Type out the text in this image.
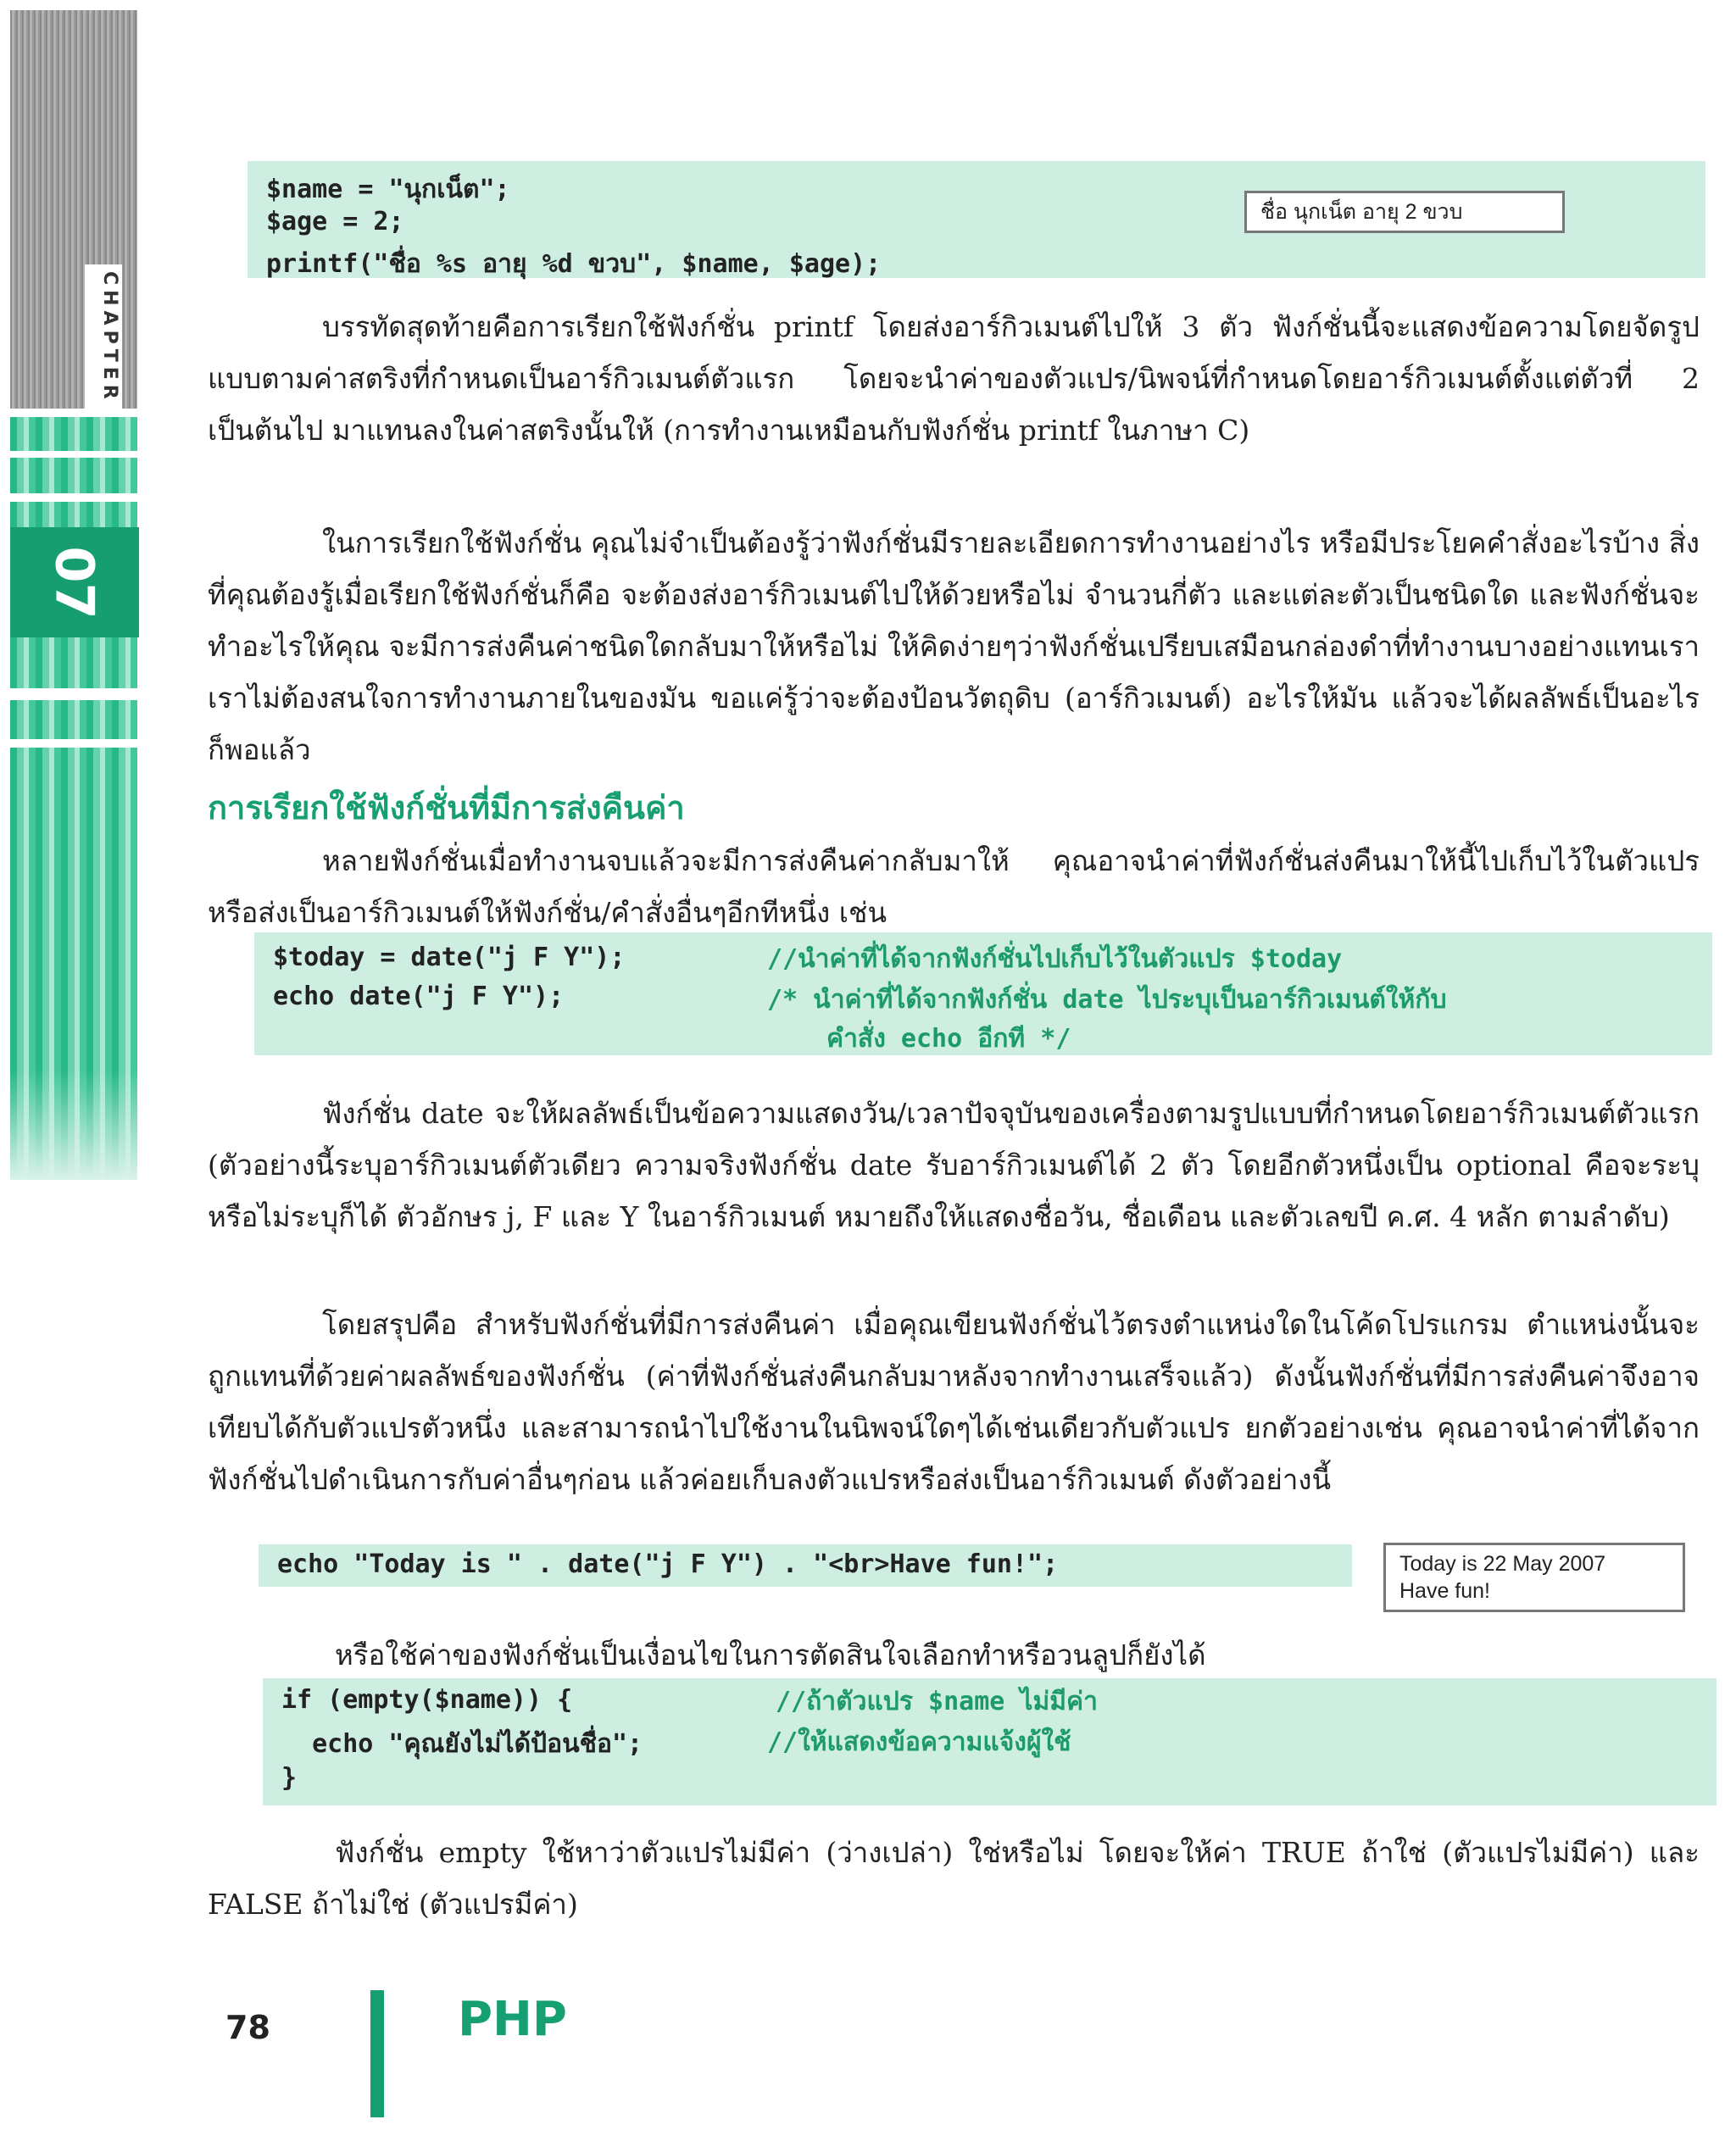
CHAPTER
07
$name = "นุกเน็ต";
$age = 2;
printf("ชื่อ %s อายุ %d ขวบ", $name, $age);
ชื่อ นุกเน็ต อายุ 2 ขวบ

บรรทัดสุดท้ายคือการเรียกใช้ฟังก์ชั่น printf โดยส่งอาร์กิวเมนต์ไปให้ 3 ตัว ฟังก์ชั่นนี้จะแสดงข้อความโดยจัดรูปแบบตามค่าสตริงที่กำหนดเป็นอาร์กิวเมนต์ตัวแรก โดยจะนำค่าของตัวแปร/นิพจน์ที่กำหนดโดยอาร์กิวเมนต์ตั้งแต่ตัวที่ 2 เป็นต้นไป มาแทนลงในค่าสตริงนั้นให้ (การทำงานเหมือนกับฟังก์ชั่น printf ในภาษา C)

ในการเรียกใช้ฟังก์ชั่น คุณไม่จำเป็นต้องรู้ว่าฟังก์ชั่นมีรายละเอียดการทำงานอย่างไร หรือมีประโยคคำสั่งอะไรบ้าง สิ่งที่คุณต้องรู้เมื่อเรียกใช้ฟังก์ชั่นก็คือ จะต้องส่งอาร์กิวเมนต์ไปให้ด้วยหรือไม่ จำนวนกี่ตัว และแต่ละตัวเป็นชนิดใด และฟังก์ชั่นจะทำอะไรให้คุณ จะมีการส่งคืนค่าชนิดใดกลับมาให้หรือไม่ ให้คิดง่ายๆว่าฟังก์ชั่นเปรียบเสมือนกล่องดำที่ทำงานบางอย่างแทนเรา เราไม่ต้องสนใจการทำงานภายในของมัน ขอแค่รู้ว่าจะต้องป้อนวัตถุดิบ (อาร์กิวเมนต์) อะไรให้มัน แล้วจะได้ผลลัพธ์เป็นอะไร ก็พอแล้ว

การเรียกใช้ฟังก์ชั่นที่มีการส่งคืนค่า

หลายฟังก์ชั่นเมื่อทำงานจบแล้วจะมีการส่งคืนค่ากลับมาให้ คุณอาจนำค่าที่ฟังก์ชั่นส่งคืนมาให้นี้ไปเก็บไว้ในตัวแปร หรือส่งเป็นอาร์กิวเมนต์ให้ฟังก์ชั่น/คำสั่งอื่นๆอีกทีหนึ่ง เช่น

$today = date("j F Y");	//นำค่าที่ได้จากฟังก์ชั่นไปเก็บไว้ในตัวแปร $today
echo date("j F Y");	/* นำค่าที่ได้จากฟังก์ชั่น date ไประบุเป็นอาร์กิวเมนต์ให้กับ
คำสั่ง echo อีกที */

ฟังก์ชั่น date จะให้ผลลัพธ์เป็นข้อความแสดงวัน/เวลาปัจจุบันของเครื่องตามรูปแบบที่กำหนดโดยอาร์กิวเมนต์ตัวแรก (ตัวอย่างนี้ระบุอาร์กิวเมนต์ตัวเดียว ความจริงฟังก์ชั่น date รับอาร์กิวเมนต์ได้ 2 ตัว โดยอีกตัวหนึ่งเป็น optional คือจะระบุหรือไม่ระบุก็ได้ ตัวอักษร j, F และ Y ในอาร์กิวเมนต์ หมายถึงให้แสดงชื่อวัน, ชื่อเดือน และตัวเลขปี ค.ศ. 4 หลัก ตามลำดับ)

โดยสรุปคือ สำหรับฟังก์ชั่นที่มีการส่งคืนค่า เมื่อคุณเขียนฟังก์ชั่นไว้ตรงตำแหน่งใดในโค้ดโปรแกรม ตำแหน่งนั้นจะถูกแทนที่ด้วยค่าผลลัพธ์ของฟังก์ชั่น (ค่าที่ฟังก์ชั่นส่งคืนกลับมาหลังจากทำงานเสร็จแล้ว) ดังนั้นฟังก์ชั่นที่มีการส่งคืนค่าจึงอาจเทียบได้กับตัวแปรตัวหนึ่ง และสามารถนำไปใช้งานในนิพจน์ใดๆได้เช่นเดียวกับตัวแปร ยกตัวอย่างเช่น คุณอาจนำค่าที่ได้จากฟังก์ชั่นไปดำเนินการกับค่าอื่นๆก่อน แล้วค่อยเก็บลงตัวแปรหรือส่งเป็นอาร์กิวเมนต์ ดังตัวอย่างนี้

echo "Today is " . date("j F Y") . "<br>Have fun!";	Today is 22 May 2007
Have fun!

หรือใช้ค่าของฟังก์ชั่นเป็นเงื่อนไขในการตัดสินใจเลือกทำหรือวนลูปก็ยังได้

if (empty($name)) {	//ถ้าตัวแปร $name ไม่มีค่า
echo "คุณยังไม่ได้ป้อนชื่อ";	//ให้แสดงข้อความแจ้งผู้ใช้
}

ฟังก์ชั่น empty ใช้หาว่าตัวแปรไม่มีค่า (ว่างเปล่า) ใช่หรือไม่ โดยจะให้ค่า TRUE ถ้าใช่ (ตัวแปรไม่มีค่า) และ FALSE ถ้าไม่ใช่ (ตัวแปรมีค่า)

78	PHP
